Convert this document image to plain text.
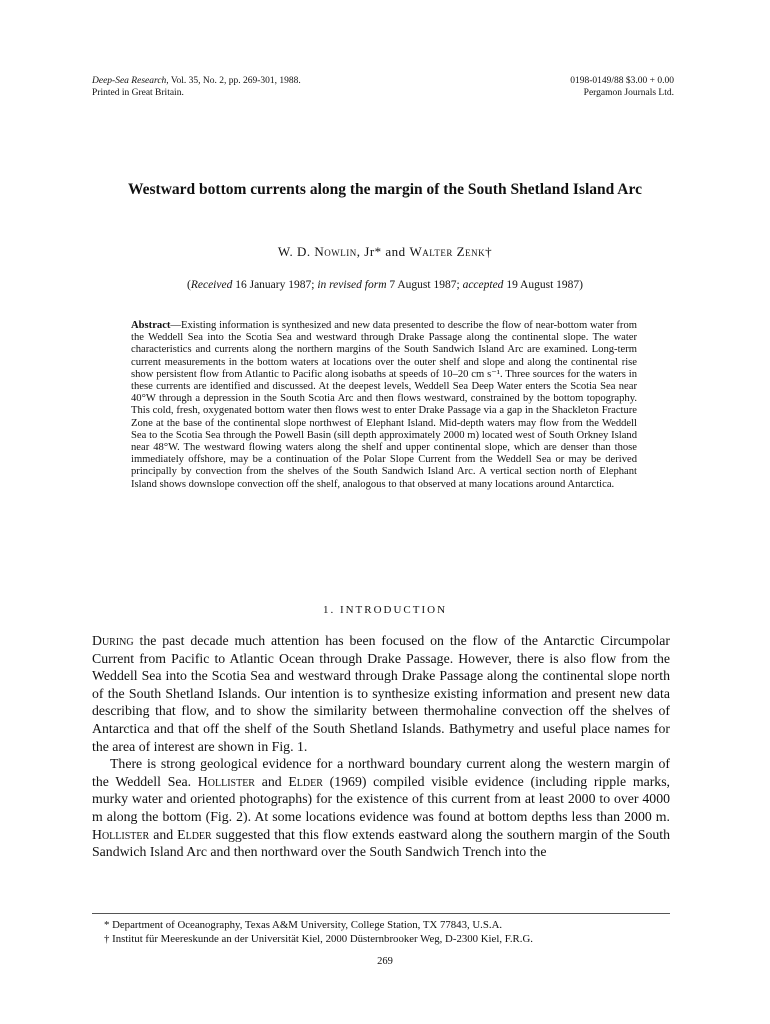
Deep-Sea Research, Vol. 35, No. 2, pp. 269-301, 1988.
Printed in Great Britain.
0198-0149/88 $3.00 + 0.00
Pergamon Journals Ltd.
Westward bottom currents along the margin of the South Shetland Island Arc
W. D. Nowlin, Jr* and Walter Zenk†
(Received 16 January 1987; in revised form 7 August 1987; accepted 19 August 1987)
Abstract—Existing information is synthesized and new data presented to describe the flow of near-bottom water from the Weddell Sea into the Scotia Sea and westward through Drake Passage along the continental slope. The water characteristics and currents along the northern margins of the South Sandwich Island Arc are examined. Long-term current measurements in the bottom waters at locations over the outer shelf and slope and along the continental rise show persistent flow from Atlantic to Pacific along isobaths at speeds of 10–20 cm s⁻¹. Three sources for the waters in these currents are identified and discussed. At the deepest levels, Weddell Sea Deep Water enters the Scotia Sea near 40°W through a depression in the South Scotia Arc and then flows westward, constrained by the bottom topography. This cold, fresh, oxygenated bottom water then flows west to enter Drake Passage via a gap in the Shackleton Fracture Zone at the base of the continental slope northwest of Elephant Island. Mid-depth waters may flow from the Weddell Sea to the Scotia Sea through the Powell Basin (sill depth approximately 2000 m) located west of South Orkney Island near 48°W. The westward flowing waters along the shelf and upper continental slope, which are denser than those immediately offshore, may be a continuation of the Polar Slope Current from the Weddell Sea or may be derived principally by convection from the shelves of the South Sandwich Island Arc. A vertical section north of Elephant Island shows downslope convection off the shelf, analogous to that observed at many locations around Antarctica.
1. INTRODUCTION

During the past decade much attention has been focused on the flow of the Antarctic Circumpolar Current from Pacific to Atlantic Ocean through Drake Passage. However, there is also flow from the Weddell Sea into the Scotia Sea and westward through Drake Passage along the continental slope north of the South Shetland Islands. Our intention is to synthesize existing information and present new data describing that flow, and to show the similarity between thermohaline convection off the shelves of Antarctica and that off the shelf of the South Shetland Islands. Bathymetry and useful place names for the area of interest are shown in Fig. 1.

There is strong geological evidence for a northward boundary current along the western margin of the Weddell Sea. Hollister and Elder (1969) compiled visible evidence (including ripple marks, murky water and oriented photographs) for the existence of this current from at least 2000 to over 4000 m along the bottom (Fig. 2). At some locations evidence was found at bottom depths less than 2000 m. Hollister and Elder suggested that this flow extends eastward along the southern margin of the South Sandwich Island Arc and then northward over the South Sandwich Trench into the

* Department of Oceanography, Texas A&M University, College Station, TX 77843, U.S.A.
† Institut für Meereskunde an der Universität Kiel, 2000 Düsternbrooker Weg, D-2300 Kiel, F.R.G.
269
